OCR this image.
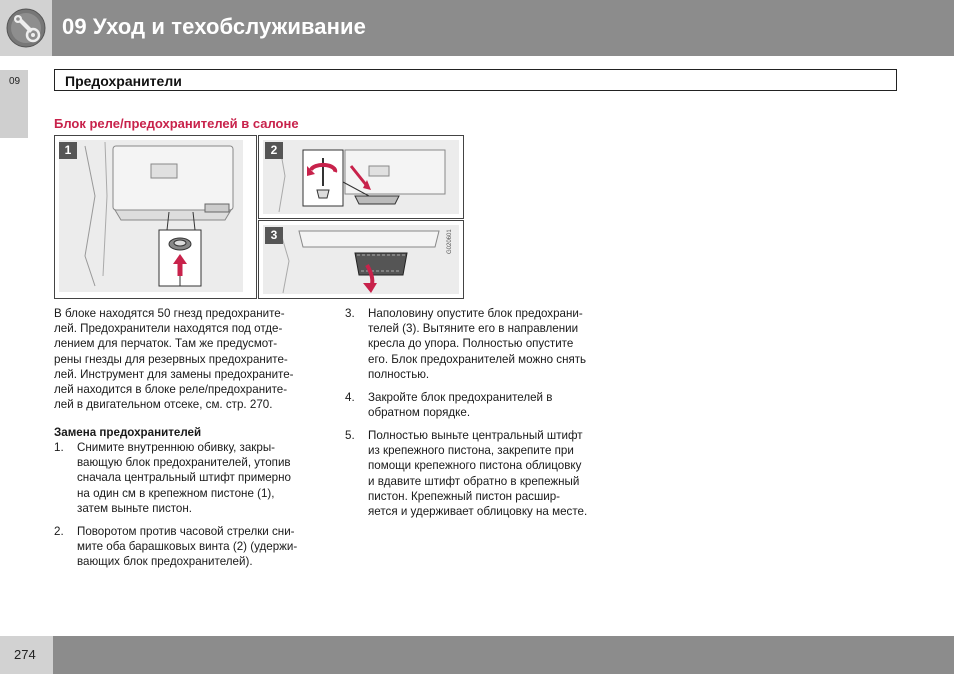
09 Уход и техобслуживание
09	Предохранители
Блок реле/предохранителей в салоне
1	2
3	G020601
В блоке находятся 50 гнезд предохраните-
лей. Предохранители находятся под отде-
лением для перчаток. Там же предусмот-
рены гнезды для резервных предохраните-
лей. Инструмент для замены предохраните-
лей находится в блоке реле/предохраните-
лей в двигательном отсеке, см. стр. 270.
Замена предохранителей
1. Снимите внутреннюю обивку, закры-
вающую блок предохранителей, утопив
сначала центральный штифт примерно
на один см в крепежном пистоне (1),
затем выньте пистон.
2. Поворотом против часовой стрелки сни-
мите оба барашковых винта (2) (удержи-
вающих блок предохранителей).
3. Наполовину опустите блок предохрани-
телей (3). Вытяните его в направлении
кресла до упора. Полностью опустите
его. Блок предохранителей можно снять
полностью.
4. Закройте блок предохранителей в
обратном порядке.
5. Полностью выньте центральный штифт
из крепежного пистона, закрепите при
помощи крепежного пистона облицовку
и вдавите штифт обратно в крепежный
пистон. Крепежный пистон расшир-
яется и удерживает облицовку на месте.
274
